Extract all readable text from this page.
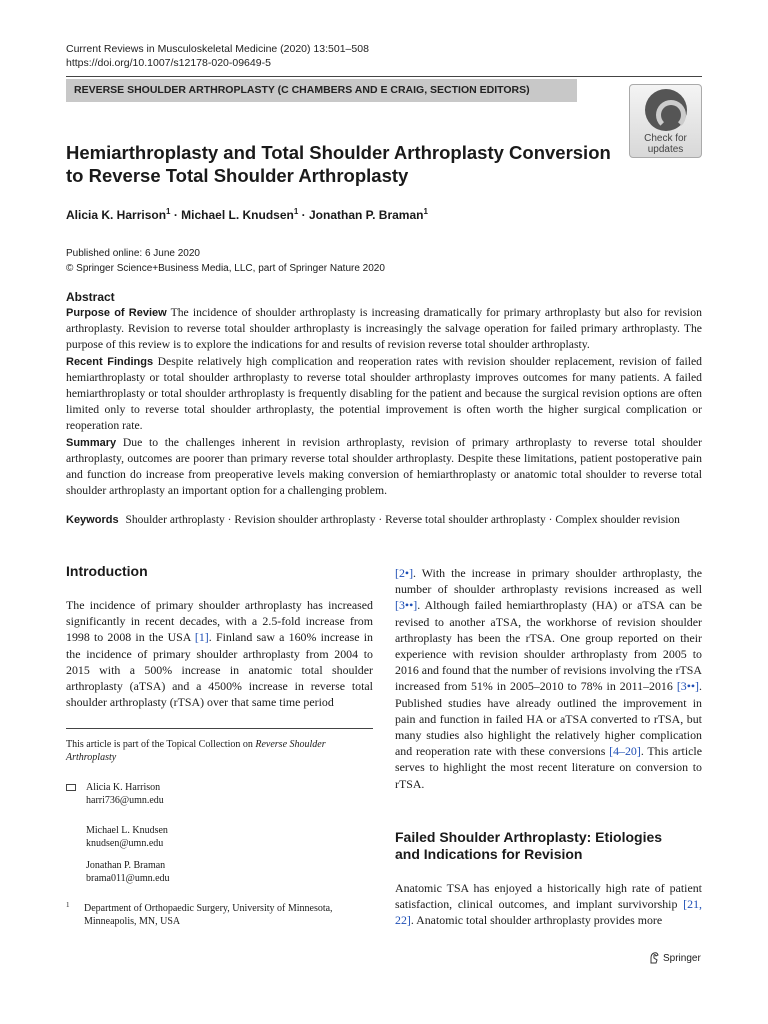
Current Reviews in Musculoskeletal Medicine (2020) 13:501–508
https://doi.org/10.1007/s12178-020-09649-5
REVERSE SHOULDER ARTHROPLASTY (C CHAMBERS AND E CRAIG, SECTION EDITORS)
Check for
updates
Hemiarthroplasty and Total Shoulder Arthroplasty Conversion
to Reverse Total Shoulder Arthroplasty
Alicia K. Harrison$^1$ · Michael L. Knudsen$^1$ · Jonathan P. Braman$^1$
Published online: 6 June 2020
© Springer Science+Business Media, LLC, part of Springer Nature 2020
Abstract

Purpose of Review The incidence of shoulder arthroplasty is increasing dramatically for primary arthroplasty but also for revision arthroplasty. Revision to reverse total shoulder arthroplasty is increasingly the salvage operation for failed primary arthroplasty. The purpose of this review is to explore the indications for and results of revision reverse total shoulder arthroplasty.

Recent Findings Despite relatively high complication and reoperation rates with revision shoulder replacement, revision of failed hemiarthroplasty or total shoulder arthroplasty to reverse total shoulder arthroplasty improves outcomes for many patients. A failed hemiarthroplasty or total shoulder arthroplasty is frequently disabling for the patient and because the surgical revision options are often limited only to reverse total shoulder arthroplasty, the potential improvement is often worth the higher surgical complication or reoperation rate.

Summary Due to the challenges inherent in revision arthroplasty, revision of primary arthroplasty to reverse total shoulder arthroplasty, outcomes are poorer than primary reverse total shoulder arthroplasty. Despite these limitations, patient postoperative pain and function do increase from preoperative levels making conversion of hemiarthroplasty or anatomic total shoulder to reverse total shoulder arthroplasty an important option for a challenging problem.

Keywords Shoulder arthroplasty · Revision shoulder arthroplasty · Reverse total shoulder arthroplasty · Complex shoulder revision
Introduction
The incidence of primary shoulder arthroplasty has increased significantly in recent decades, with a 2.5-fold increase from 1998 to 2008 in the USA [1]. Finland saw a 160% increase in the incidence of primary shoulder arthroplasty from 2004 to 2015 with a 500% increase in anatomic total shoulder arthroplasty (aTSA) and a 4500% increase in reverse total shoulder arthroplasty (rTSA) over that same time period
This article is part of the Topical Collection on Reverse Shoulder Arthroplasty
Alicia K. Harrison
harri736@umn.edu
Michael L. Knudsen
knudsen@umn.edu
Jonathan P. Braman
brama011@umn.edu
1 Department of Orthopaedic Surgery, University of Minnesota, Minneapolis, MN, USA
[2•]. With the increase in primary shoulder arthroplasty, the number of shoulder arthroplasty revisions increased as well [3••]. Although failed hemiarthroplasty (HA) or aTSA can be revised to another aTSA, the workhorse of revision shoulder arthroplasty has been the rTSA. One group reported on their experience with revision shoulder arthroplasty from 2005 to 2016 and found that the number of revisions involving the rTSA increased from 51% in 2005–2010 to 78% in 2011–2016 [3••]. Published studies have already outlined the improvement in pain and function in failed HA or aTSA converted to rTSA, but many studies also highlight the relatively higher complication and reoperation rate with these conversions [4–20]. This article serves to highlight the most recent literature on conversion to rTSA.
Failed Shoulder Arthroplasty: Etiologies
and Indications for Revision
Anatomic TSA has enjoyed a historically high rate of patient satisfaction, clinical outcomes, and implant survivorship [21, 22]. Anatomic total shoulder arthroplasty provides more
Springer
